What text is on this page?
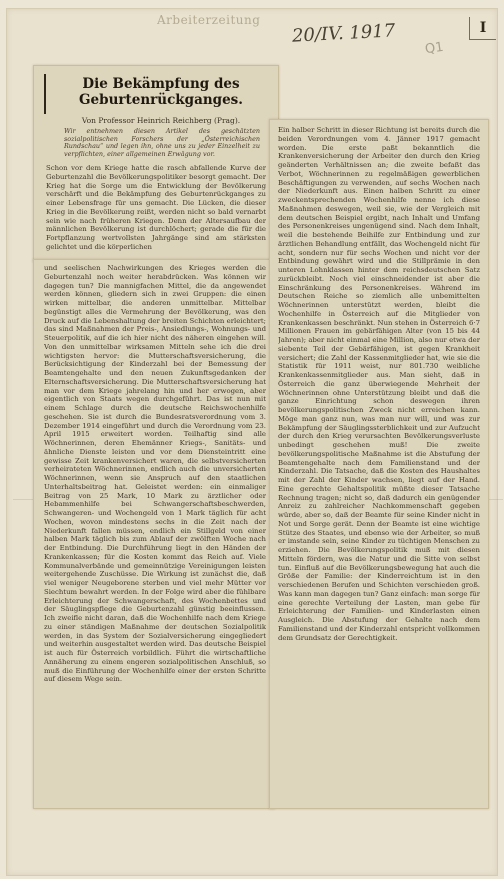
Arbeiterzeitung
20/IV. 1917
Q1
I
Die Bekämpfung des Geburtenrückganges.
Von Professor Heinrich Reichberg (Prag).
Wir entnehmen diesen Artikel des geschätzten sozialpolitischen Forschers der „Österreichischen Rundschau“ und legen ihn, ohne uns zu jeder Einzelheit zu verpflichten, einer allgemeinen Erwägung vor.
Schon vor dem Kriege hatte die rasch abfallende Kurve der Geburtenzahl die Bevölkerungspolitiker besorgt gemacht. Der Krieg hat die Sorge um die Entwicklung der Bevölkerung verschärft und die Bekämpfung des Geburtenrückganges zu einer Lebensfrage für uns gemacht. Die Lücken, die dieser Krieg in die Bevölkerung reißt, werden nicht so bald vernarbt sein wie nach früheren Kriegen. Denn der Altersaufbau der männlichen Bevölkerung ist durchlöchert; gerade die für die Fortpflanzung wertvollsten Jahrgänge sind am stärksten gelichtet und die körperlichen
und seelischen Nachwirkungen des Krieges werden die Geburtenzahl noch weiter herabdrücken. Was können wir dagegen tun? Die mannigfachen Mittel, die da angewendet werden können, gliedern sich in zwei Gruppen: die einen wirken mittelbar, die anderen unmittelbar. Mittelbar begünstigt alles die Vermehrung der Bevölkerung, was den Druck auf die Lebenshaltung der breiten Schichten erleichtert; das sind Maßnahmen der Preis-, Ansiedlungs-, Wohnungs- und Steuerpolitik, auf die ich hier nicht des näheren eingehen will. Von den unmittelbar wirksamen Mitteln sehe ich die drei wichtigsten hervor: die Mutterschaftsversicherung, die Berücksichtigung der Kinderzahl bei der Bemessung der Beamtengehalte und den neuen Zukunftsgedanken der Elternschaftsversicherung. Die Mutterschaftsversicherung hat man vor dem Kriege jahrelang hin und her erwogen, aber eigentlich von Staats wegen durchgeführt. Das ist nun mit einem Schlage durch die deutsche Reichswochenhilfe geschehen. Sie ist durch die Bundesratsverordnung vom 3. Dezember 1914 eingeführt und durch die Verordnung vom 23. April 1915 erweitert worden. Teilhaftig sind alle Wöchnerinnen, deren Ehemänner Kriegs-, Sanitäts- und ähnliche Dienste leisten und vor dem Diensteintritt eine gewisse Zeit krankenversichert waren, die selbstversicherten verheirateten Wöchnerinnen, endlich auch die unversicherten Wöchnerinnen, wenn sie Anspruch auf den staatlichen Unterhaltsbeitrag hat. Geleistet werden: ein einmaliger Beitrag von 25 Mark, 10 Mark zu ärztlicher oder Hebammenhilfe bei Schwangerschaftsbeschwerden, Schwangeren- und Wochengeld von 1 Mark täglich für acht Wochen, wovon mindestens sechs in die Zeit nach der Niederkunft fallen müssen, endlich ein Stillgeld von einer halben Mark täglich bis zum Ablauf der zwölften Woche nach der Entbindung. Die Durchführung liegt in den Händen der Krankenkassen; für die Kosten kommt das Reich auf. Viele Kommunalverbände und gemeinnützige Vereinigungen leisten weitergehende Zuschüsse. Die Wirkung ist zunächst die, daß viel weniger Neugeborene sterben und viel mehr Mütter vor Siechtum bewahrt werden. In der Folge wird aber die fühlbare Erleichterung der Schwangerschaft, des Wochenbettes und der Säuglingspflege die Geburtenzahl günstig beeinflussen. Ich zweifle nicht daran, daß die Wochenhilfe nach dem Kriege zu einer ständigen Maßnahme der deutschen Sozialpolitik werden, in das System der Sozialversicherung eingegliedert und weiterhin ausgestaltet werden wird. Das deutsche Beispiel ist auch für Österreich vorbildlich. Führt die wirtschaftliche Annäherung zu einem engeren sozialpolitischen Anschluß, so muß die Einführung der Wochenhilfe einer der ersten Schritte auf diesem Wege sein.
Ein halber Schritt in dieser Richtung ist bereits durch die beiden Verordnungen vom 4. Jänner 1917 gemacht worden. Die erste paßt bekanntlich die Krankenversicherung der Arbeiter den durch den Krieg geänderten Verhältnissen an; die zweite befaßt das Verbot, Wöchnerinnen zu regelmäßigen gewerblichen Beschäftigungen zu verwenden, auf sechs Wochen nach der Niederkunft aus. Einen halben Schritt zu einer zweckentsprechenden Wochenhilfe nenne ich diese Maßnahmen deswegen, weil sie, wie der Vergleich mit dem deutschen Beispiel ergibt, nach Inhalt und Umfang des Personenkreises ungenügend sind. Nach dem Inhalt, weil die bestehende Beihilfe zur Entbindung und zur ärztlichen Behandlung entfällt, das Wochengeld nicht für acht, sondern nur für sechs Wochen und nicht vor der Entbindung gewährt wird und die Stillprämie in den unteren Lohnklassen hinter dem reichsdeutschen Satz zurückbleibt. Noch viel einschneidender ist aber die Einschränkung des Personenkreises. Während im Deutschen Reiche so ziemlich alle unbemittelten Wöchnerinnen unterstützt werden, bleibt die Wochenhilfe in Österreich auf die Mitglieder von Krankenkassen beschränkt. Nun stehen in Österreich 6·7 Millionen Frauen im gebärfähigen Alter (von 15 bis 44 Jahren); aber nicht einmal eine Million, also nur etwa der siebente Teil der Gebärfähigen, ist gegen Krankheit versichert; die Zahl der Kassenmitglieder hat, wie sie die Statistik für 1911 weist, nur 801.730 weibliche Krankenkassenmitglieder aus. Man sieht, daß in Österreich die ganz überwiegende Mehrheit der Wöchnerinnen ohne Unterstützung bleibt und daß die ganze Einrichtung schon deswegen ihren bevölkerungspolitischen Zweck nicht erreichen kann. Möge man ganz nun, was man nur will, und was zur Bekämpfung der Säuglingssterblichkeit und zur Aufzucht der durch den Krieg verursachten Bevölkerungsverluste unbedingt geschehen muß! Die zweite bevölkerungspolitische Maßnahme ist die Abstufung der Beamtengehalte nach dem Familienstand und der Kinderzahl. Die Tatsache, daß die Kosten des Haushaltes mit der Zahl der Kinder wachsen, liegt auf der Hand. Eine gerechte Gehaltspolitik müßte dieser Tatsache Rechnung tragen; nicht so, daß dadurch ein genügender Anreiz zu zahlreicher Nachkommenschaft gegeben würde, aber so, daß der Beamte für seine Kinder nicht in Not und Sorge gerät. Denn der Beamte ist eine wichtige Stütze des Staates, und ebenso wie der Arbeiter, so muß er imstande sein, seine Kinder zu tüchtigen Menschen zu erziehen. Die Bevölkerungspolitik muß mit diesen Mitteln fördern, was die Natur und die Sitte von selbst tun. Einfluß auf die Bevölkerungsbewegung hat auch die Größe der Familie: der Kinderreichtum ist in den verschiedenen Berufen und Schichten verschieden groß. Was kann man dagegen tun? Ganz einfach: man sorge für eine gerechte Verteilung der Lasten, man gebe für Erleichterung der Familien- und Kinderlasten einen Ausgleich. Die Abstufung der Gehalte nach dem Familienstand und der Kinderzahl entspricht vollkommen dem Grundsatz der Gerechtigkeit.
